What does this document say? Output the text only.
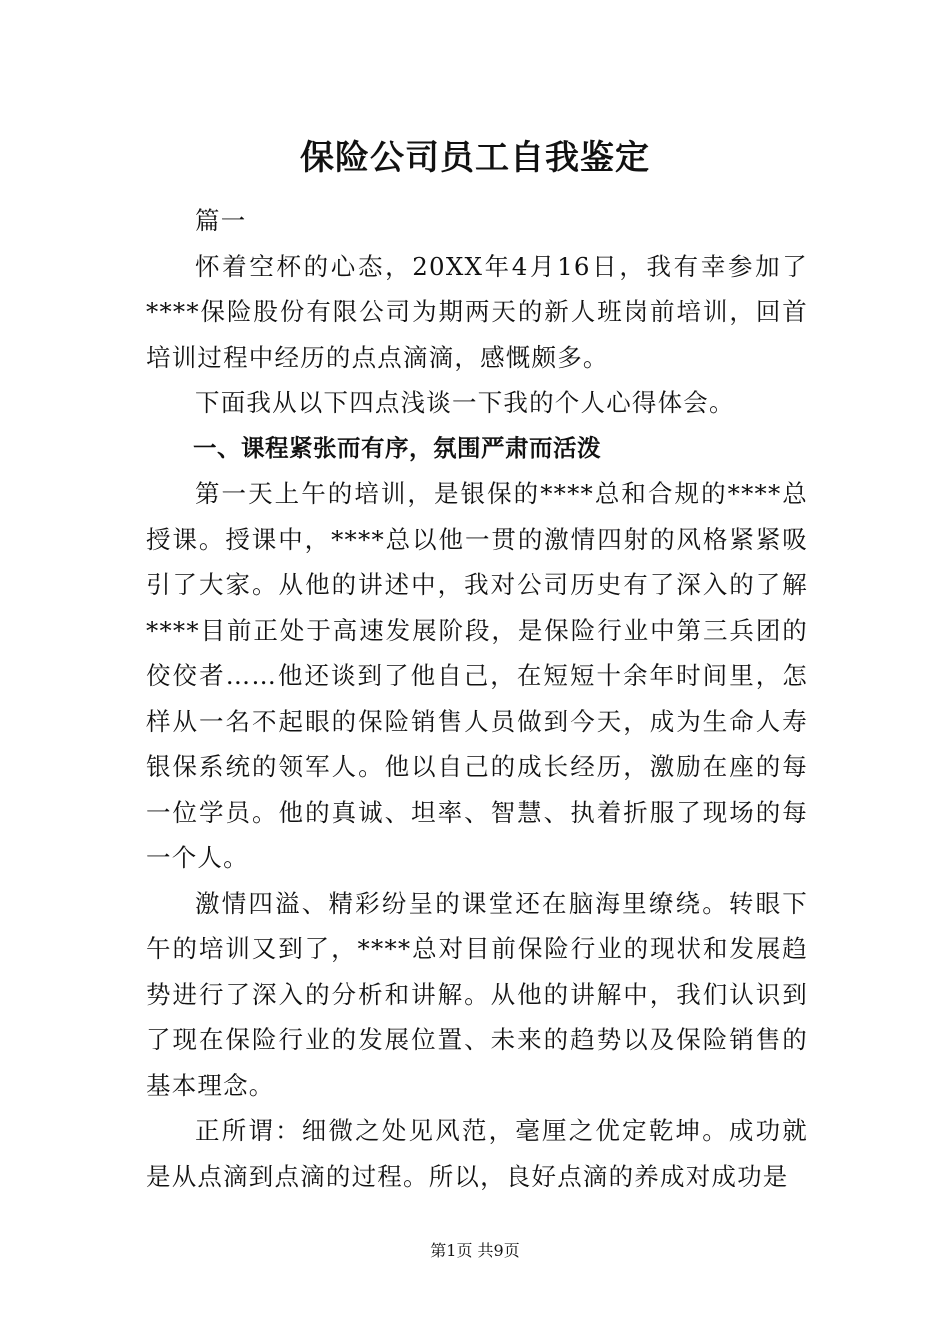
保险公司员工自我鉴定

篇一

怀着空杯的心态，20XX年4月16日，我有幸参加了****保险股份有限公司为期两天的新人班岗前培训，回首培训过程中经历的点点滴滴，感慨颇多。

下面我从以下四点浅谈一下我的个人心得体会。

一、课程紧张而有序，氛围严肃而活泼

第一天上午的培训，是银保的****总和合规的****总授课。授课中，****总以他一贯的激情四射的风格紧紧吸引了大家。从他的讲述中，我对公司历史有了深入的了解****目前正处于高速发展阶段，是保险行业中第三兵团的佼佼者……他还谈到了他自己，在短短十余年时间里，怎样从一名不起眼的保险销售人员做到今天，成为生命人寿银保系统的领军人。他以自己的成长经历，激励在座的每一位学员。他的真诚、坦率、智慧、执着折服了现场的每一个人。

激情四溢、精彩纷呈的课堂还在脑海里缭绕。转眼下午的培训又到了，****总对目前保险行业的现状和发展趋势进行了深入的分析和讲解。从他的讲解中，我们认识到了现在保险行业的发展位置、未来的趋势以及保险销售的基本理念。

正所谓：细微之处见风范，毫厘之优定乾坤。成功就是从点滴到点滴的过程。所以，良好点滴的养成对成功是

第1页 共9页
